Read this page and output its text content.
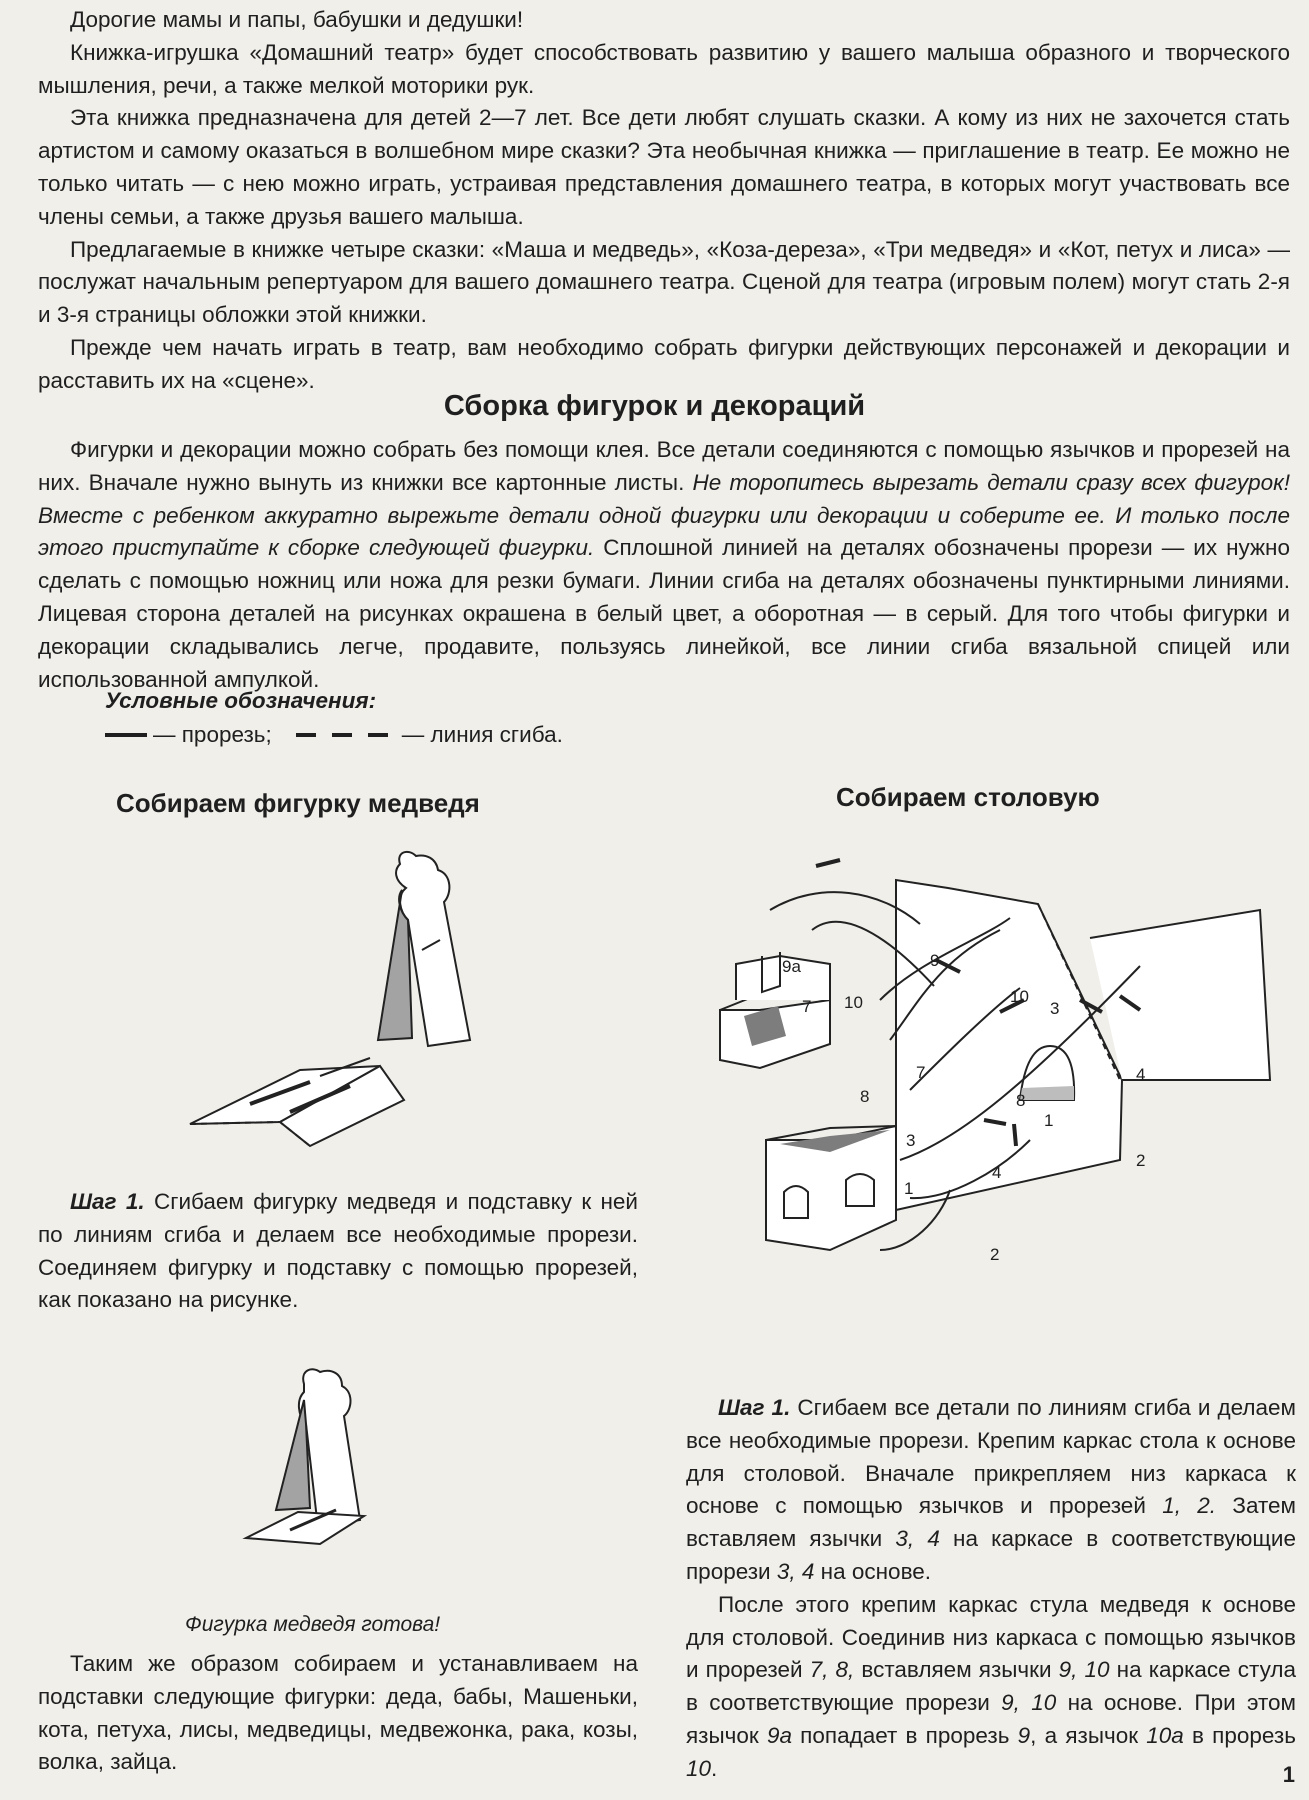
Дорогие мамы и папы, бабушки и дедушки!

Книжка-игрушка «Домашний театр» будет способствовать развитию у вашего малыша образного и творческого мышления, речи, а также мелкой моторики рук.

Эта книжка предназначена для детей 2—7 лет. Все дети любят слушать сказки. А кому из них не захочется стать артистом и самому оказаться в волшебном мире сказки? Эта необычная книжка — приглашение в театр. Ее можно не только читать — с нею можно играть, устраивая представления домашнего театра, в которых могут участвовать все члены семьи, а также друзья вашего малыша.

Предлагаемые в книжке четыре сказки: «Маша и медведь», «Коза-дереза», «Три медведя» и «Кот, петух и лиса» — послужат начальным репертуаром для вашего домашнего театра. Сценой для театра (игровым полем) могут стать 2-я и 3-я страницы обложки этой книжки.

Прежде чем начать играть в театр, вам необходимо собрать фигурки действующих персонажей и декорации и расставить их на «сцене».

Сборка фигурок и декораций

Фигурки и декорации можно собрать без помощи клея. Все детали соединяются с помощью язычков и прорезей на них. Вначале нужно вынуть из книжки все картонные листы. Не торопитесь вырезать детали сразу всех фигурок! Вместе с ребенком аккуратно вырежьте детали одной фигурки или декорации и соберите ее. И только после этого приступайте к сборке следующей фигурки. Сплошной линией на деталях обозначены прорези — их нужно сделать с помощью ножниц или ножа для резки бумаги. Линии сгиба на деталях обозначены пунктирными линиями. Лицевая сторона деталей на рисунках окрашена в белый цвет, а оборотная — в серый. Для того чтобы фигурки и декорации складывались легче, продавите, пользуясь линейкой, все линии сгиба вязальной спицей или использованной ампулкой.

Условные обозначения:
— прорезь;	— линия сгиба.
Собираем фигурку медведя

Шаг 1. Сгибаем фигурку медведя и подставку к ней по линиям сгиба и делаем все необходимые прорези. Соединяем фигурку и подставку с помощью прорезей, как показано на рисунке.

Фигурка медведя готова!

Таким же образом собираем и устанавливаем на подставки следующие фигурки: деда, бабы, Машеньки, кота, петуха, лисы, медведицы, медвежонка, рака, козы, волка, зайца.

Собираем столовую
9а	9
7 10	10
3
8
7	4
8
1
3
4
2
1
2

Шаг 1. Сгибаем все детали по линиям сгиба и делаем все необходимые прорези. Крепим каркас стола к основе для столовой. Вначале прикрепляем низ каркаса к основе с помощью язычков и прорезей 1, 2. Затем вставляем язычки 3, 4 на каркасе в соответствующие прорези 3, 4 на основе.

После этого крепим каркас стула медведя к основе для столовой. Соединив низ каркаса с помощью язычков и прорезей 7, 8, вставляем язычки 9, 10 на каркасе стула в соответствующие прорези 9, 10 на основе. При этом язычок 9а попадает в прорезь 9, а язычок 10а в прорезь 10.	1
